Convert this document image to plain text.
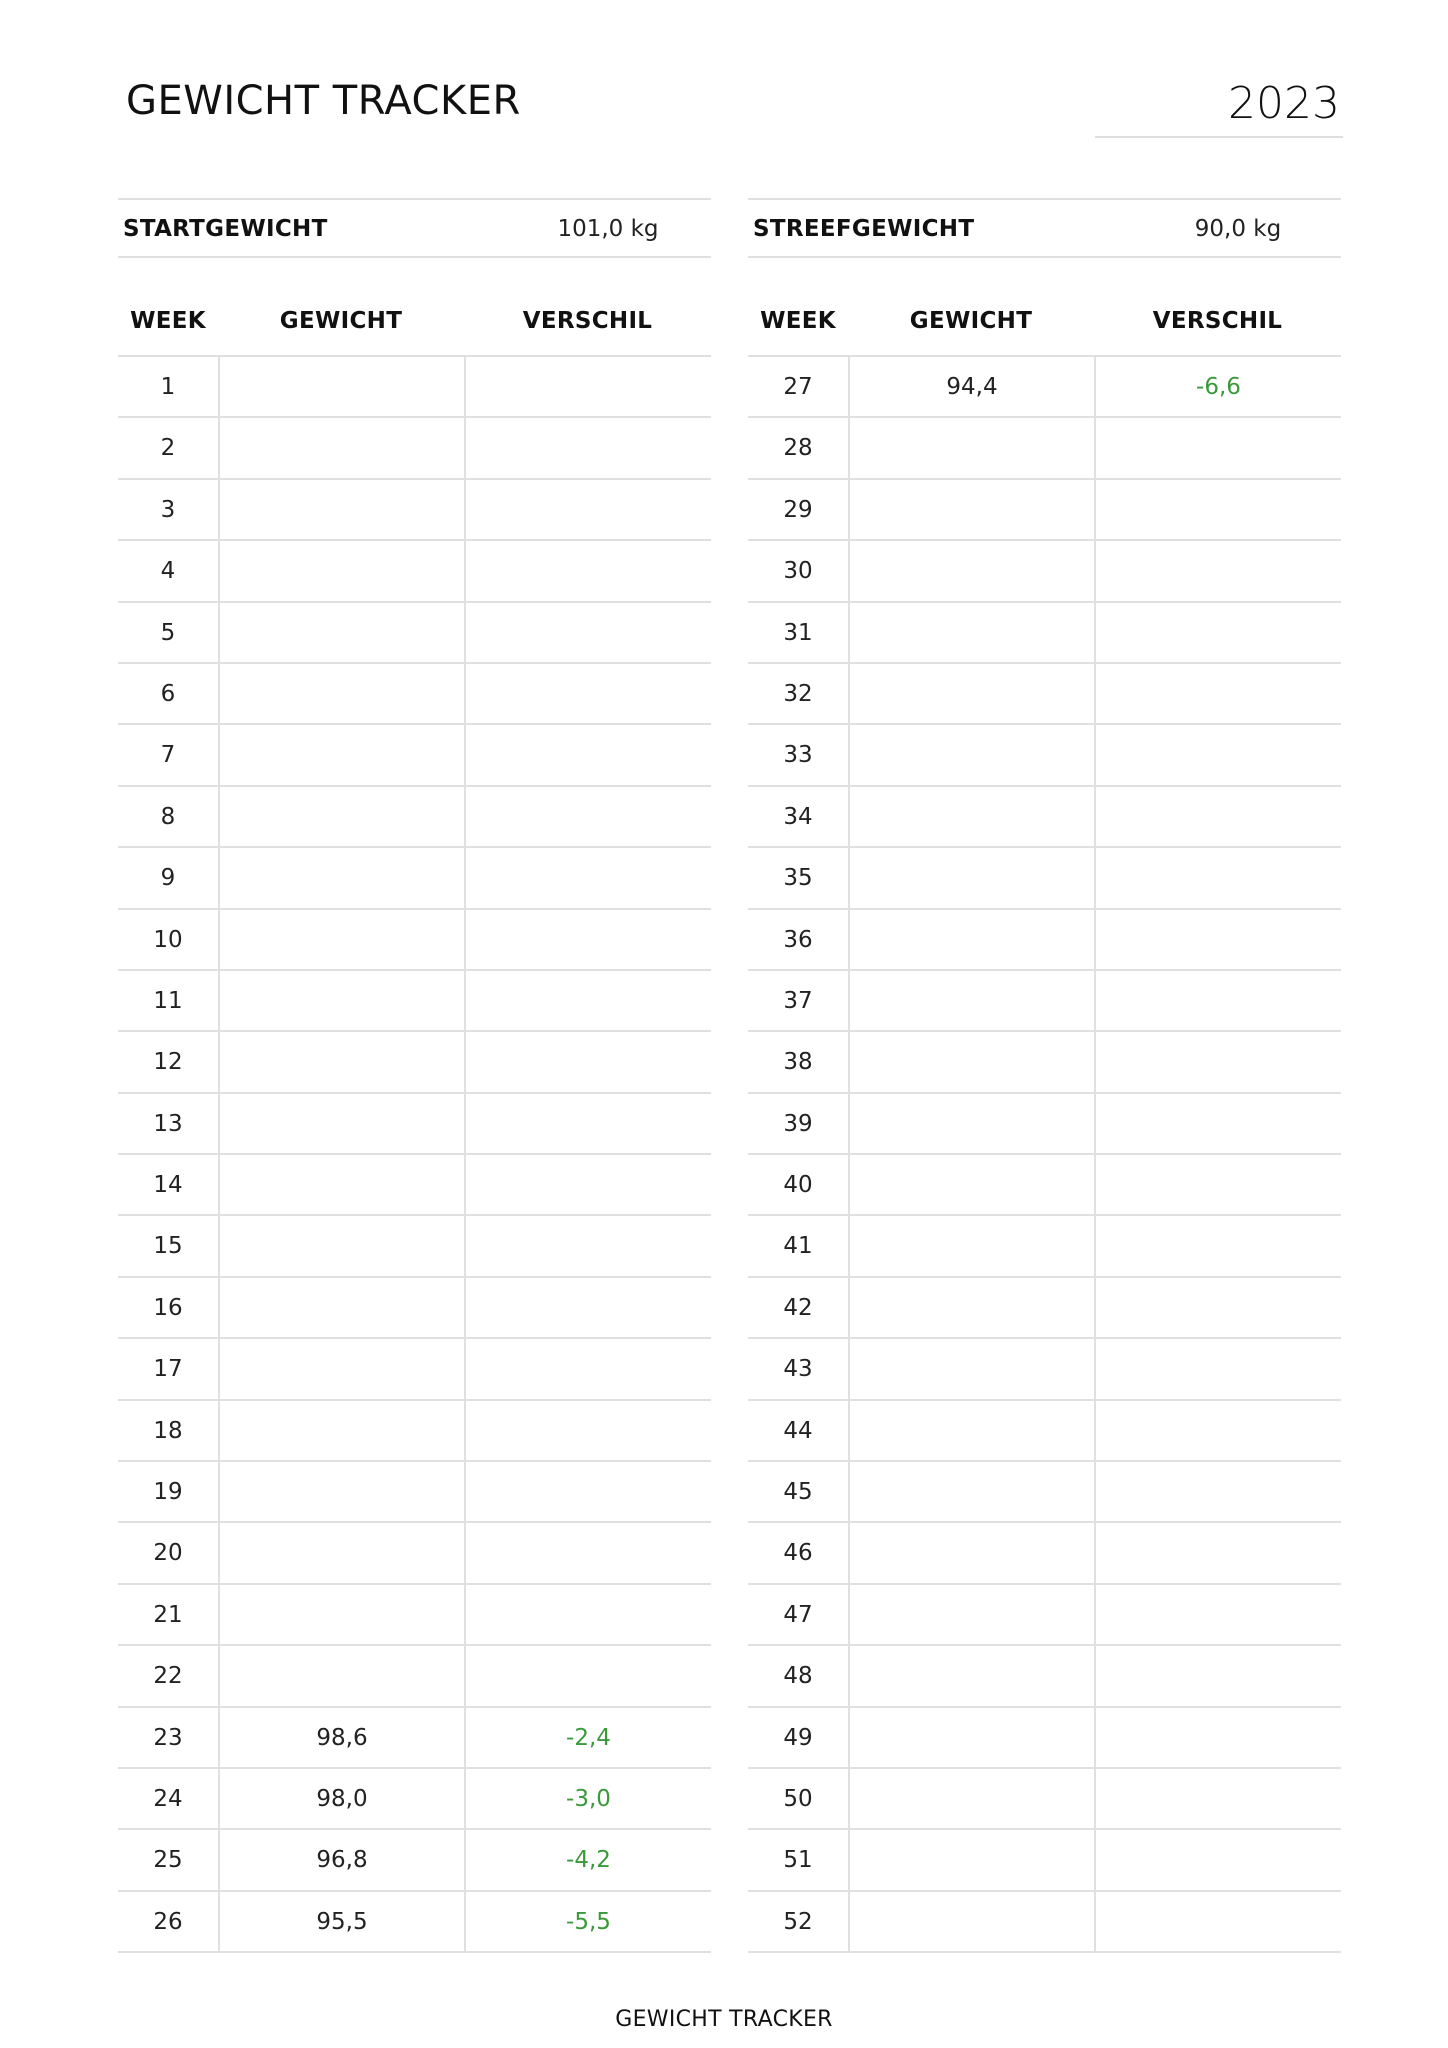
GEWICHT TRACKER	2023
STARTGEWICHT	101,0 kg
WEEK	GEWICHT	VERSCHIL
1
2
3
4
5
6
7
8
9
10
11
12
13
14
15
16
17
18
19
20
21
22
23	98,6	-2,4
24	98,0	-3,0
25	96,8	-4,2
26	95,5	-5,5
STREEFGEWICHT	90,0 kg
WEEK	GEWICHT	VERSCHIL
27	94,4	-6,6
28
29
30
31
32
33
34
35
36
37
38
39
40
41
42
43
44
45
46
47
48
49
50
51
52
GEWICHT TRACKER
